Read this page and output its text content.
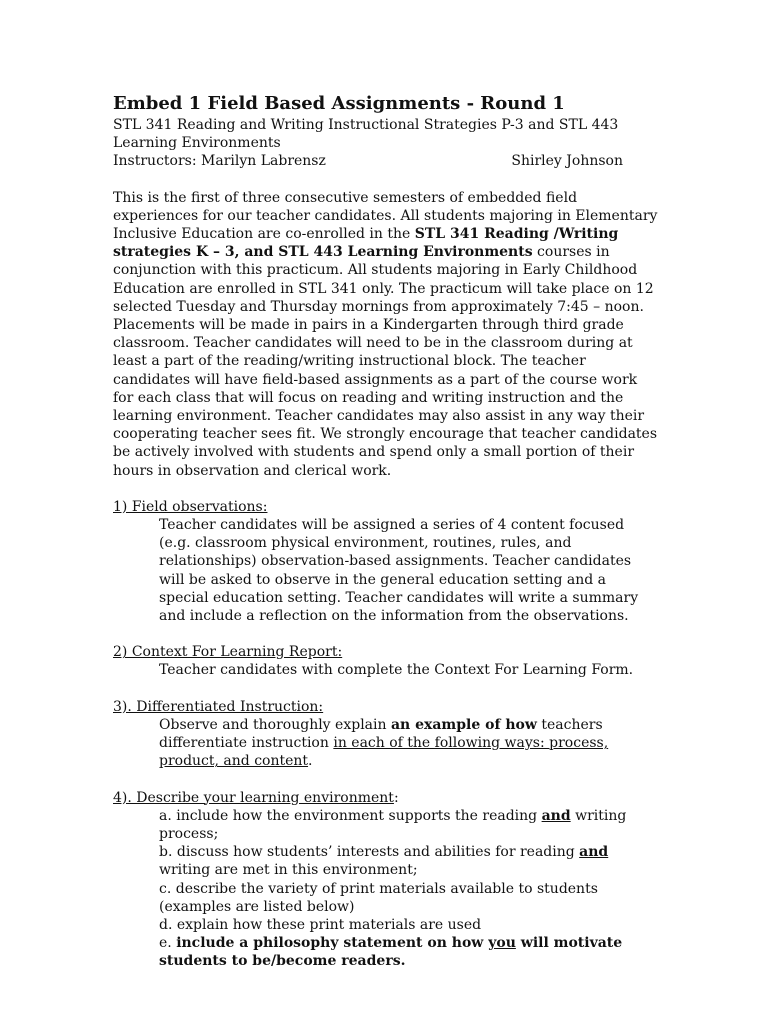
Embed 1 Field Based Assignments - Round 1

STL 341 Reading and Writing Instructional Strategies P-3 and STL 443 Learning Environments

Instructors: Marilyn Labrensz	Shirley Johnson

This is the first of three consecutive semesters of embedded field experiences for our teacher candidates. All students majoring in Elementary Inclusive Education are co-enrolled in the STL 341 Reading /Writing strategies K – 3, and STL 443 Learning Environments courses in conjunction with this practicum. All students majoring in Early Childhood Education are enrolled in STL 341 only. The practicum will take place on 12 selected Tuesday and Thursday mornings from approximately 7:45 – noon. Placements will be made in pairs in a Kindergarten through third grade classroom. Teacher candidates will need to be in the classroom during at least a part of the reading/writing instructional block. The teacher candidates will have field-based assignments as a part of the course work for each class that will focus on reading and writing instruction and the learning environment. Teacher candidates may also assist in any way their cooperating teacher sees fit. We strongly encourage that teacher candidates be actively involved with students and spend only a small portion of their hours in observation and clerical work.

1) Field observations:

Teacher candidates will be assigned a series of 4 content focused (e.g. classroom physical environment, routines, rules, and relationships) observation-based assignments. Teacher candidates will be asked to observe in the general education setting and a special education setting. Teacher candidates will write a summary and include a reflection on the information from the observations.

2) Context For Learning Report:

Teacher candidates with complete the Context For Learning Form.

3). Differentiated Instruction:

Observe and thoroughly explain an example of how teachers differentiate instruction in each of the following ways: process, product, and content.

4). Describe your learning environment:

a. include how the environment supports the reading and writing process;

b. discuss how students’ interests and abilities for reading and writing are met in this environment;

c. describe the variety of print materials available to students (examples are listed below)

d. explain how these print materials are used

e. include a philosophy statement on how you will motivate students to be/become readers.
